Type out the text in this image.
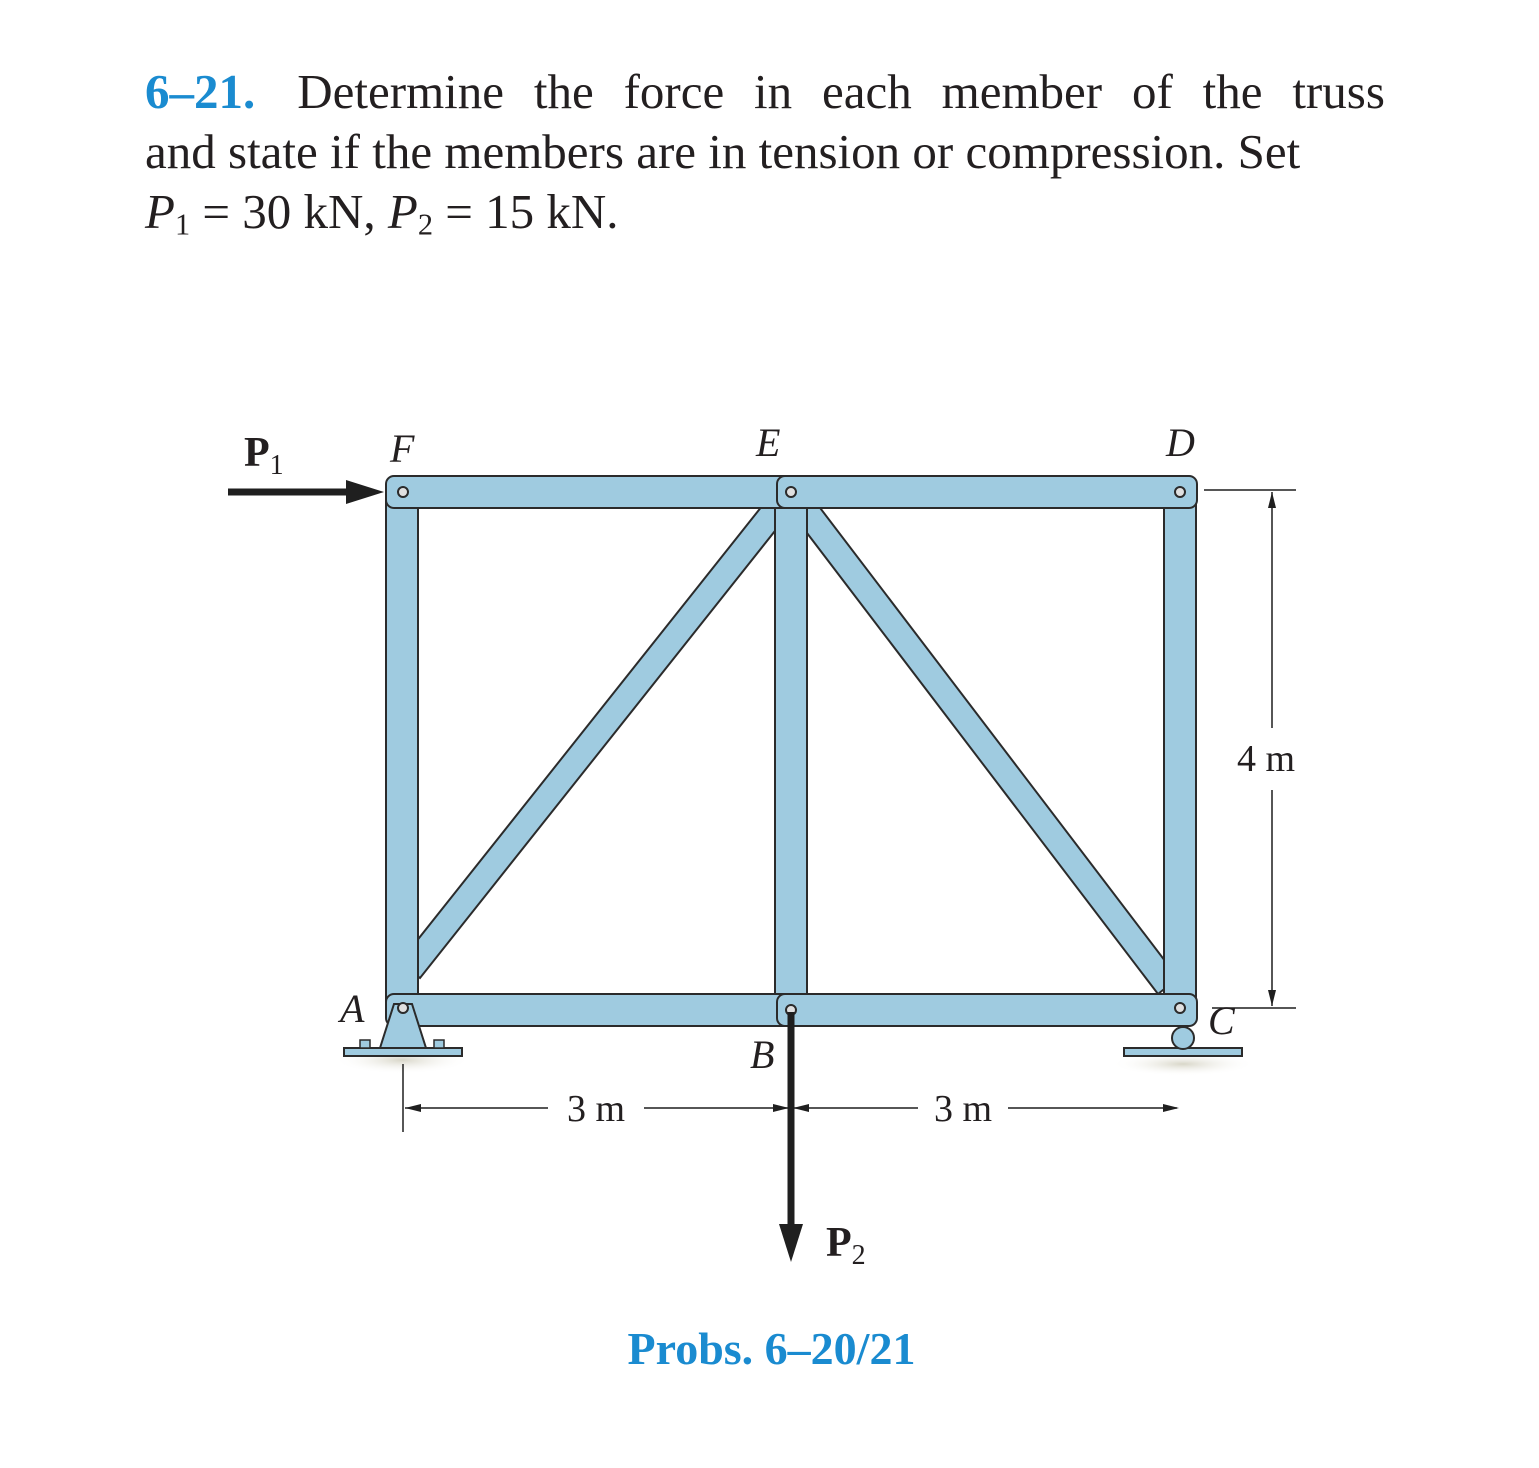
6–21. Determine the force in each member of the truss
and state if the members are in tension or compression. Set
$P_1 = 30$ kN, $P_2 = 15$ kN.
F	E	D
A
B
C
P1
P2
3 m	3 m
4 m
Probs. 6–20/21
